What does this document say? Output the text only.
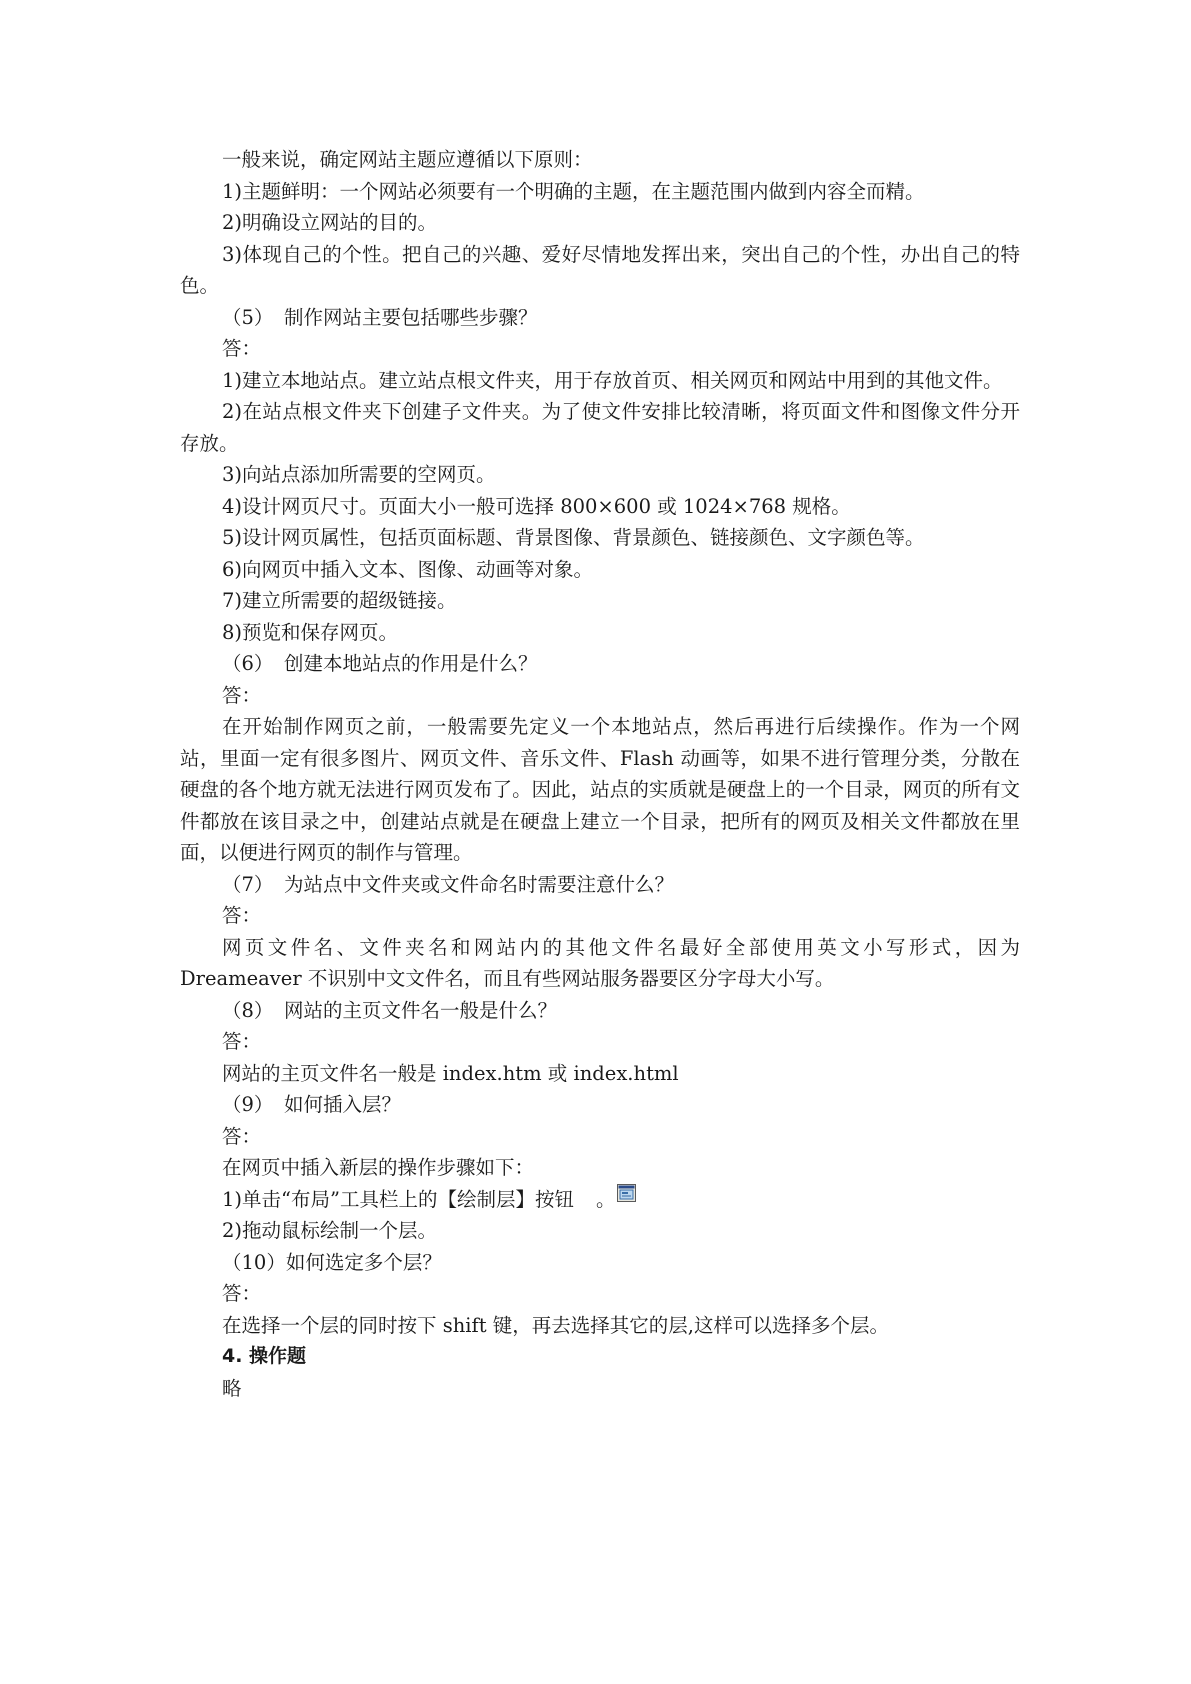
一般来说，确定网站主题应遵循以下原则：

1)主题鲜明：一个网站必须要有一个明确的主题，在主题范围内做到内容全而精。

2)明确设立网站的目的。

3)体现自己的个性。把自己的兴趣、爱好尽情地发挥出来，突出自己的个性，办出自己的特色。

（5） 制作网站主要包括哪些步骤？

答：

1)建立本地站点。建立站点根文件夹，用于存放首页、相关网页和网站中用到的其他文件。

2)在站点根文件夹下创建子文件夹。为了使文件安排比较清晰，将页面文件和图像文件分开存放。

3)向站点添加所需要的空网页。

4)设计网页尺寸。页面大小一般可选择 800×600 或 1024×768 规格。

5)设计网页属性，包括页面标题、背景图像、背景颜色、链接颜色、文字颜色等。

6)向网页中插入文本、图像、动画等对象。

7)建立所需要的超级链接。

8)预览和保存网页。

（6） 创建本地站点的作用是什么？

答：

在开始制作网页之前，一般需要先定义一个本地站点，然后再进行后续操作。作为一个网站，里面一定有很多图片、网页文件、音乐文件、Flash 动画等，如果不进行管理分类，分散在硬盘的各个地方就无法进行网页发布了。因此，站点的实质就是硬盘上的一个目录，网页的所有文件都放在该目录之中，创建站点就是在硬盘上建立一个目录，把所有的网页及相关文件都放在里面，以便进行网页的制作与管理。

（7） 为站点中文件夹或文件命名时需要注意什么？

答：

网页文件名、文件夹名和网站内的其他文件名最好全部使用英文小写形式，因为Dreameaver 不识别中文文件名，而且有些网站服务器要区分字母大小写。

（8） 网站的主页文件名一般是什么？

答：

网站的主页文件名一般是 index.htm 或 index.html

（9） 如何插入层？

答：

在网页中插入新层的操作步骤如下：

1)单击“布局”工具栏上的【绘制层】按钮 。

2)拖动鼠标绘制一个层。

（10）如何选定多个层？

答：

在选择一个层的同时按下 shift 键，再去选择其它的层,这样可以选择多个层。

4. 操作题

略
